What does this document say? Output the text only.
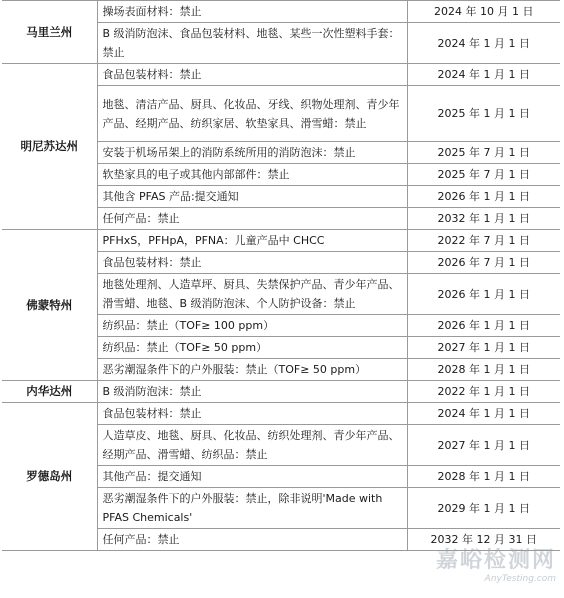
马里兰州	操场表面材料：禁止	2024 年 10 月 1 日
	B 级消防泡沫、食品包装材料、地毯、某些一次性塑料手套：禁止	2024 年 1 月 1 日
明尼苏达州	食品包装材料：禁止	2024 年 1 月 1 日
	地毯、清洁产品、厨具、化妆品、牙线、织物处理剂、青少年产品、经期产品、纺织家居、软垫家具、滑雪蜡：禁止	2025 年 1 月 1 日
	安装于机场吊架上的消防系统所用的消防泡沫：禁止	2025 年 7 月 1 日
	软垫家具的电子或其他内部部件：禁止	2025 年 7 月 1 日
	其他含 PFAS 产品:提交通知	2026 年 1 月 1 日
	任何产品：禁止	2032 年 1 月 1 日
佛蒙特州	PFHxS，PFHpA，PFNA：儿童产品中 CHCC	2022 年 7 月 1 日
	食品包装材料：禁止	2026 年 7 月 1 日
	地毯处理剂、人造草坪、厨具、失禁保护产品、青少年产品、滑雪蜡、地毯、B 级消防泡沫、个人防护设备：禁止	2026 年 1 月 1 日
	纺织品：禁止（TOF≥ 100 ppm）	2026 年 1 月 1 日
	纺织品：禁止（TOF≥ 50 ppm）	2027 年 1 月 1 日
	恶劣潮湿条件下的户外服装：禁止（TOF≥ 50 ppm）	2028 年 1 月 1 日
内华达州	B 级消防泡沫：禁止	2022 年 1 月 1 日
罗德岛州	食品包装材料：禁止	2024 年 1 月 1 日
	人造草皮、地毯、厨具、化妆品、纺织处理剂、青少年产品、经期产品、滑雪蜡、纺织品：禁止	2027 年 1 月 1 日
	其他产品：提交通知	2028 年 1 月 1 日
	恶劣潮湿条件下的户外服装：禁止，除非说明'Made with PFAS Chemicals'	2029 年 1 月 1 日
	任何产品：禁止	2032 年 12 月 31 日
嘉峪检测网
AnyTesting.com
